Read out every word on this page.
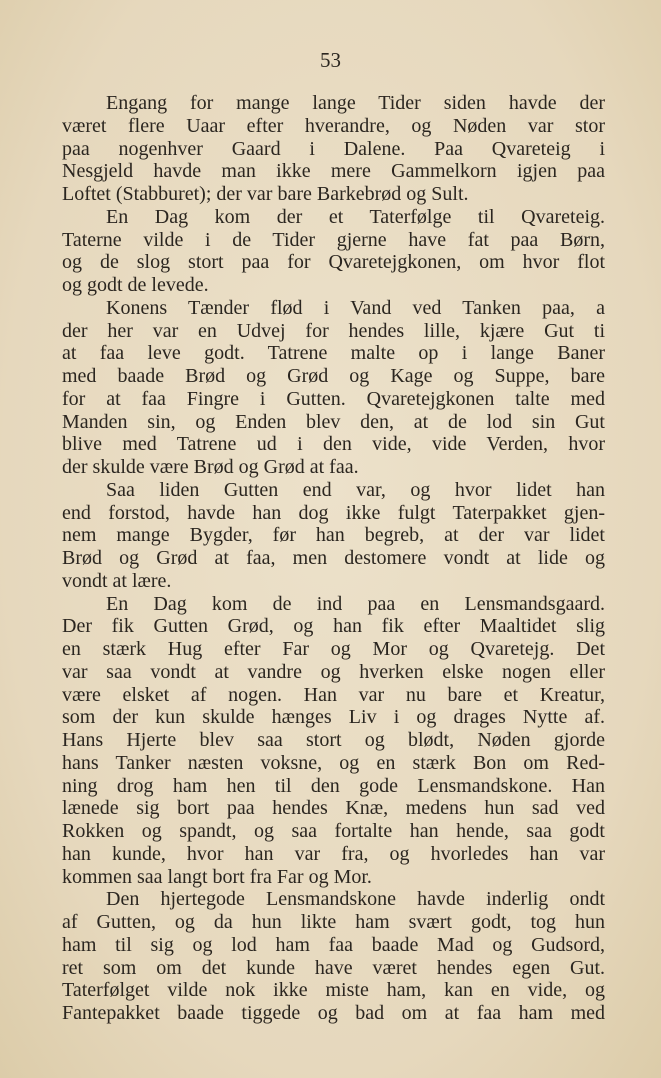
53
Engang for mange lange Tider siden havde der
været flere Uaar efter hverandre, og Nøden var stor
paa nogenhver Gaard i Dalene. Paa Qvareteig i
Nesgjeld havde man ikke mere Gammelkorn igjen paa
Loftet (Stabburet); der var bare Barkebrød og Sult.
En Dag kom der et Taterfølge til Qvareteig.
Taterne vilde i de Tider gjerne have fat paa Børn,
og de slog stort paa for Qvaretejgkonen, om hvor flot
og godt de levede.
Konens Tænder flød i Vand ved Tanken paa, a
der her var en Udvej for hendes lille, kjære Gut ti
at faa leve godt. Tatrene malte op i lange Baner
med baade Brød og Grød og Kage og Suppe, bare
for at faa Fingre i Gutten. Qvaretejgkonen talte med
Manden sin, og Enden blev den, at de lod sin Gut
blive med Tatrene ud i den vide, vide Verden, hvor
der skulde være Brød og Grød at faa.
Saa liden Gutten end var, og hvor lidet han
end forstod, havde han dog ikke fulgt Taterpakket gjen-
nem mange Bygder, før han begreb, at der var lidet
Brød og Grød at faa, men destomere vondt at lide og
vondt at lære.
En Dag kom de ind paa en Lensmandsgaard.
Der fik Gutten Grød, og han fik efter Maaltidet slig
en stærk Hug efter Far og Mor og Qvaretejg. Det
var saa vondt at vandre og hverken elske nogen eller
være elsket af nogen. Han var nu bare et Kreatur,
som der kun skulde hænges Liv i og drages Nytte af.
Hans Hjerte blev saa stort og blødt, Nøden gjorde
hans Tanker næsten voksne, og en stærk Bon om Red-
ning drog ham hen til den gode Lensmandskone. Han
lænede sig bort paa hendes Knæ, medens hun sad ved
Rokken og spandt, og saa fortalte han hende, saa godt
han kunde, hvor han var fra, og hvorledes han var
kommen saa langt bort fra Far og Mor.
Den hjertegode Lensmandskone havde inderlig ondt
af Gutten, og da hun likte ham svært godt, tog hun
ham til sig og lod ham faa baade Mad og Gudsord,
ret som om det kunde have været hendes egen Gut.
Taterfølget vilde nok ikke miste ham, kan en vide, og
Fantepakket baade tiggede og bad om at faa ham med
